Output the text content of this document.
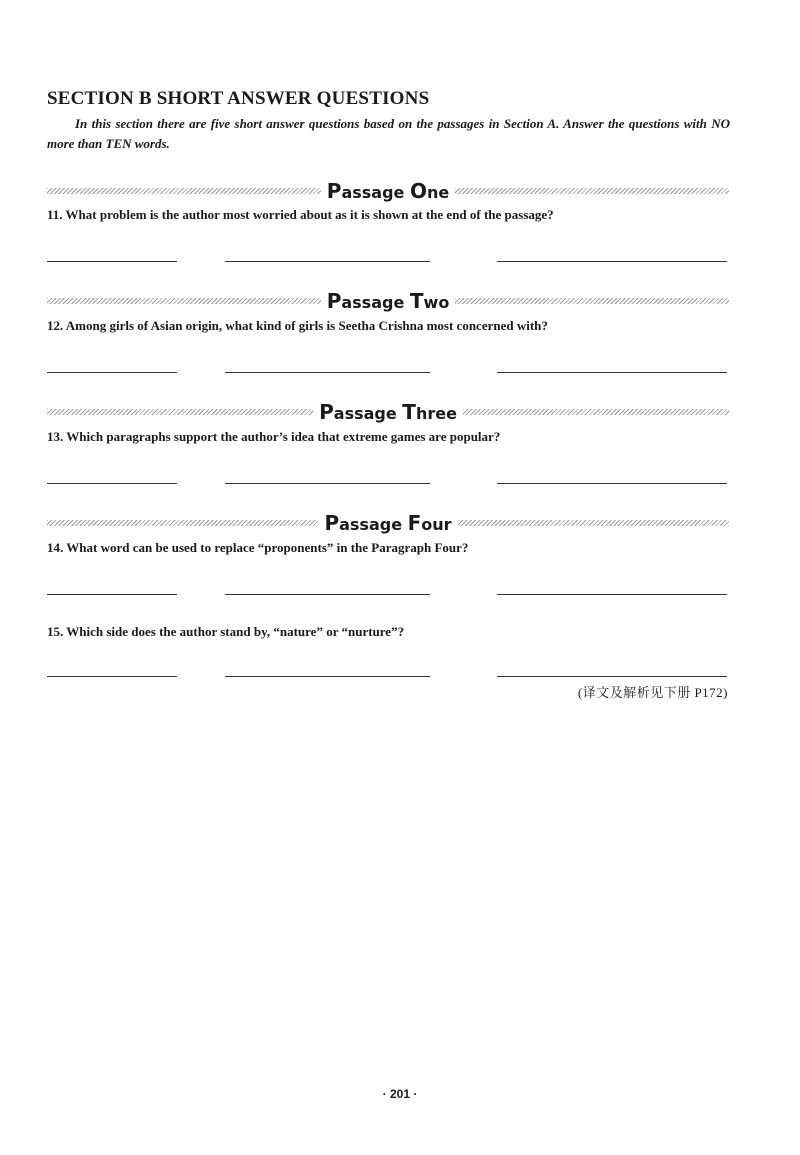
SECTION B SHORT ANSWER QUESTIONS

In this section there are five short answer questions based on the passages in Section A. Answer the questions with NO more than TEN words.

Passage One

11. What problem is the author most worried about as it is shown at the end of the passage?

Passage Two

12. Among girls of Asian origin, what kind of girls is Seetha Crishna most concerned with?

Passage Three

13. Which paragraphs support the author’s idea that extreme games are popular?

Passage Four

14. What word can be used to replace “proponents” in the Paragraph Four?

15. Which side does the author stand by, “nature” or “nurture”?

(译文及解析见下册 P172)
· 201 ·
